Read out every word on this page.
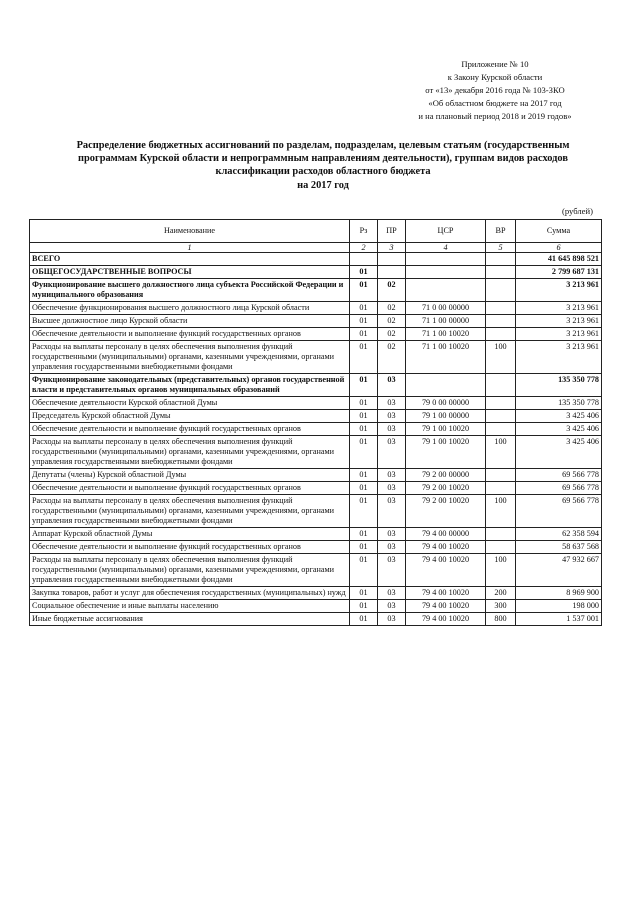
Приложение № 10
к Закону Курской области
от «13» декабря 2016 года № 103-ЗКО
«Об областном бюджете на 2017 год
и на плановый период 2018 и 2019 годов»
Распределение бюджетных ассигнований по разделам, подразделам, целевым статьям (государственным
программам Курской области и непрограммным направлениям деятельности), группам видов расходов
классификации расходов областного бюджета
на 2017 год
(рублей)
Наименование	Рз	ПР	ЦСР	ВР	Сумма
1	2	3	4	5	6
ВСЕГО					41 645 898 521
ОБЩЕГОСУДАРСТВЕННЫЕ ВОПРОСЫ	01				2 799 687 131
Функционирование высшего должностного лица субъекта Российской Федерации и муниципального образования	01	02			3 213 961
Обеспечение функционирования высшего должностного лица Курской области	01	02	71 0 00 00000		3 213 961
Высшее должностное лицо Курской области	01	02	71 1 00 00000		3 213 961
Обеспечение деятельности и выполнение функций государственных органов	01	02	71 1 00 10020		3 213 961
Расходы на выплаты персоналу в целях обеспечения выполнения функций государственными (муниципальными) органами, казенными учреждениями, органами управления государственными внебюджетными фондами	01	02	71 1 00 10020	100	3 213 961
Функционирование законодательных (представительных) органов государственной власти и представительных органов муниципальных образований	01	03			135 350 778
Обеспечение деятельности Курской областной Думы	01	03	79 0 00 00000		135 350 778
Председатель Курской областной Думы	01	03	79 1 00 00000		3 425 406
Обеспечение деятельности и выполнение функций государственных органов	01	03	79 1 00 10020		3 425 406
Расходы на выплаты персоналу в целях обеспечения выполнения функций государственными (муниципальными) органами, казенными учреждениями, органами управления государственными внебюджетными фондами	01	03	79 1 00 10020	100	3 425 406
Депутаты (члены) Курской областной Думы	01	03	79 2 00 00000		69 566 778
Обеспечение деятельности и выполнение функций государственных органов	01	03	79 2 00 10020		69 566 778
Расходы на выплаты персоналу в целях обеспечения выполнения функций государственными (муниципальными) органами, казенными учреждениями, органами управления государственными внебюджетными фондами	01	03	79 2 00 10020	100	69 566 778
Аппарат Курской областной Думы	01	03	79 4 00 00000		62 358 594
Обеспечение деятельности и выполнение функций государственных органов	01	03	79 4 00 10020		58 637 568
Расходы на выплаты персоналу в целях обеспечения выполнения функций государственными (муниципальными) органами, казенными учреждениями, органами управления государственными внебюджетными фондами	01	03	79 4 00 10020	100	47 932 667
Закупка товаров, работ и услуг для обеспечения государственных (муниципальных) нужд	01	03	79 4 00 10020	200	8 969 900
Социальное обеспечение и иные выплаты населению	01	03	79 4 00 10020	300	198 000
Иные бюджетные ассигнования	01	03	79 4 00 10020	800	1 537 001
